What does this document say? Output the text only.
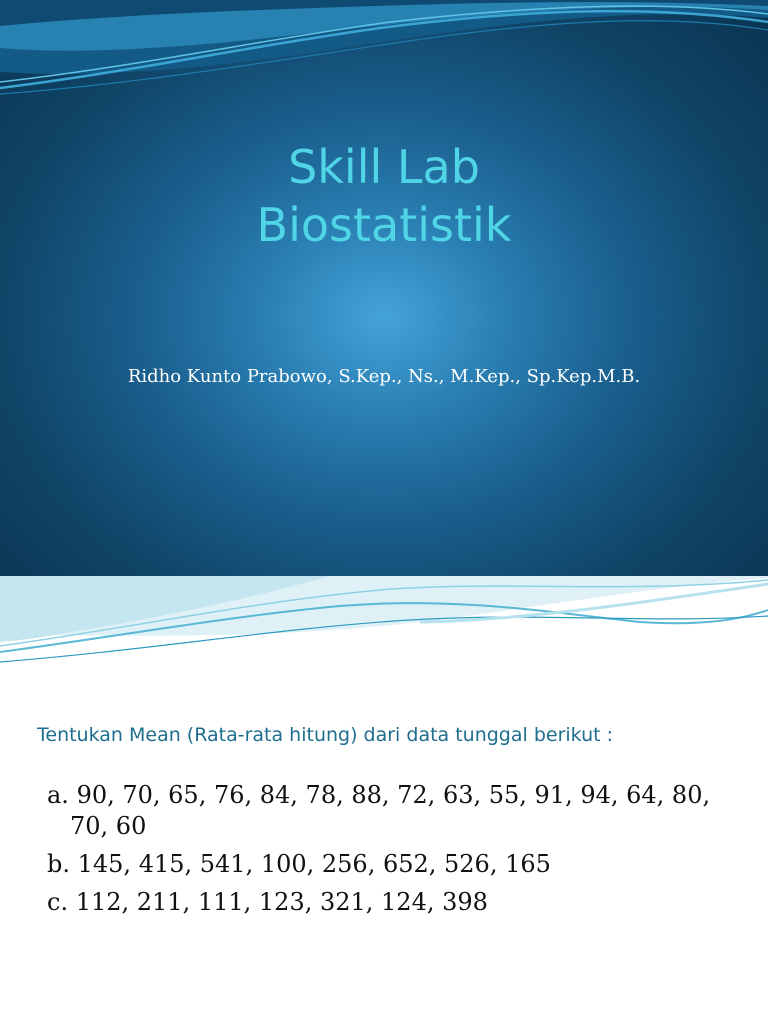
Skill Lab
Biostatistik
Ridho Kunto Prabowo, S.Kep., Ns., M.Kep., Sp.Kep.M.B.
Tentukan Mean (Rata-rata hitung) dari data tunggal berikut :
a. 90, 70, 65, 76, 84, 78, 88, 72, 63, 55, 91, 94, 64, 80, 70, 60
b. 145, 415, 541, 100, 256, 652, 526, 165
c. 112, 211, 111, 123, 321, 124, 398
